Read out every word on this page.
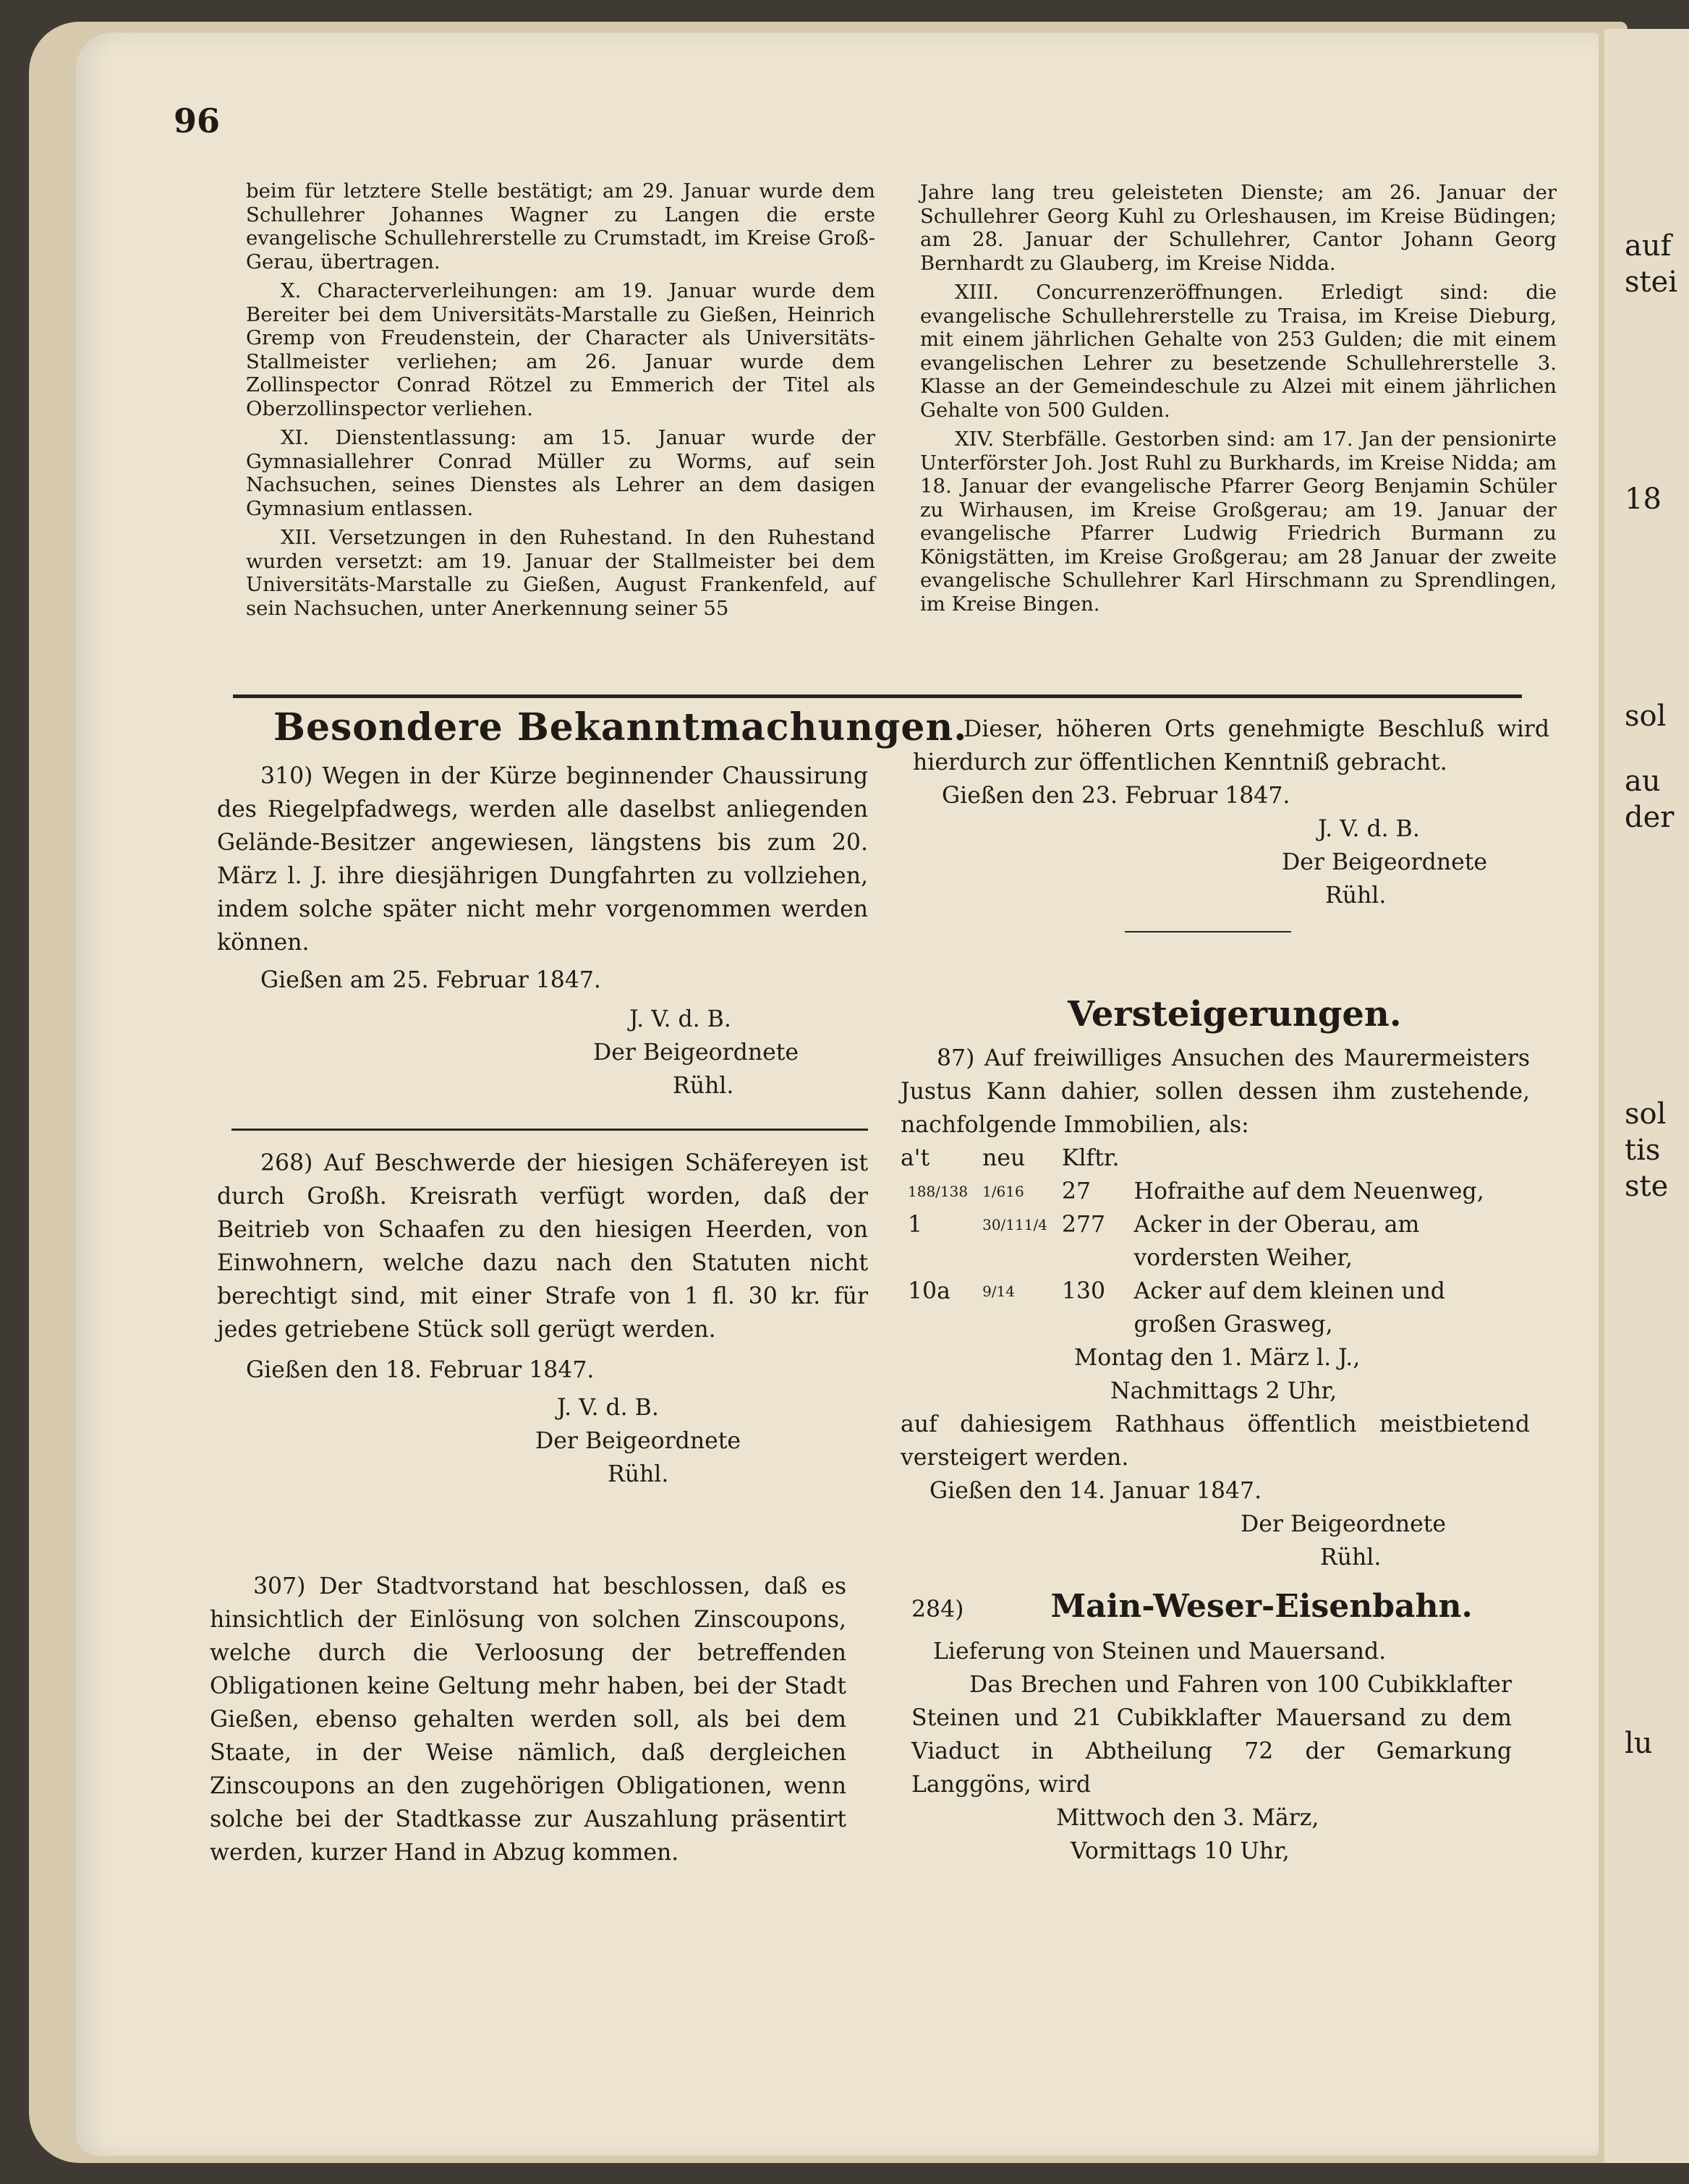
auf
stei
18
sol
au
der
sol
tis
ste
lu
96

beim für letztere Stelle bestätigt; am 29. Januar wurde dem Schullehrer Johannes Wagner zu Langen die erste evangelische Schullehrerstelle zu Crumstadt, im Kreise Groß-Gerau, übertragen.

X. Characterverleihungen: am 19. Januar wurde dem Bereiter bei dem Universitäts-Marstalle zu Gießen, Heinrich Gremp von Freudenstein, der Character als Universitäts-Stallmeister verliehen; am 26. Januar wurde dem Zollinspector Conrad Rötzel zu Emmerich der Titel als Oberzollinspector verliehen.

XI. Dienstentlassung: am 15. Januar wurde der Gymnasiallehrer Conrad Müller zu Worms, auf sein Nachsuchen, seines Dienstes als Lehrer an dem dasigen Gymnasium entlassen.

XII. Versetzungen in den Ruhestand. In den Ruhestand wurden versetzt: am 19. Januar der Stallmeister bei dem Universitäts-Marstalle zu Gießen, August Frankenfeld, auf sein Nachsuchen, unter Anerkennung seiner 55

Jahre lang treu geleisteten Dienste; am 26. Januar der Schullehrer Georg Kuhl zu Orleshausen, im Kreise Büdingen; am 28. Januar der Schullehrer, Cantor Johann Georg Bernhardt zu Glauberg, im Kreise Nidda.

XIII. Concurrenzeröffnungen. Erledigt sind: die evangelische Schullehrerstelle zu Traisa, im Kreise Dieburg, mit einem jährlichen Gehalte von 253 Gulden; die mit einem evangelischen Lehrer zu besetzende Schullehrerstelle 3. Klasse an der Gemeindeschule zu Alzei mit einem jährlichen Gehalte von 500 Gulden.

XIV. Sterbfälle. Gestorben sind: am 17. Jan der pensionirte Unterförster Joh. Jost Ruhl zu Burkhards, im Kreise Nidda; am 18. Januar der evangelische Pfarrer Georg Benjamin Schüler zu Wirhausen, im Kreise Großgerau; am 19. Januar der evangelische Pfarrer Ludwig Friedrich Burmann zu Königstätten, im Kreise Großgerau; am 28 Januar der zweite evangelische Schullehrer Karl Hirschmann zu Sprendlingen, im Kreise Bingen.

Besondere Bekanntmachungen.

310) Wegen in der Kürze beginnender Chaussirung des Riegelpfadwegs, werden alle daselbst anliegenden Gelände-Besitzer angewiesen, längstens bis zum 20. März l. J. ihre diesjährigen Dungfahrten zu vollziehen, indem solche später nicht mehr vorgenommen werden können.

Gießen am 25. Februar 1847.

J. V. d. B.

Der Beigeordnete

Rühl.

268) Auf Beschwerde der hiesigen Schäfereyen ist durch Großh. Kreisrath verfügt worden, daß der Beitrieb von Schaafen zu den hiesigen Heerden, von Einwohnern, welche dazu nach den Statuten nicht berechtigt sind, mit einer Strafe von 1 fl. 30 kr. für jedes getriebene Stück soll gerügt werden.

Gießen den 18. Februar 1847.

J. V. d. B.

Der Beigeordnete

Rühl.

307) Der Stadtvorstand hat beschlossen, daß es hinsichtlich der Einlösung von solchen Zinscoupons, welche durch die Verloosung der betreffenden Obligationen keine Geltung mehr haben, bei der Stadt Gießen, ebenso gehalten werden soll, als bei dem Staate, in der Weise nämlich, daß dergleichen Zinscoupons an den zugehörigen Obligationen, wenn solche bei der Stadtkasse zur Auszahlung präsentirt werden, kurzer Hand in Abzug kommen.

Dieser, höheren Orts genehmigte Beschluß wird hierdurch zur öffentlichen Kenntniß gebracht.

Gießen den 23. Februar 1847.

J. V. d. B.

Der Beigeordnete

Rühl.

Versteigerungen.

87) Auf freiwilliges Ansuchen des Maurermeisters Justus Kann dahier, sollen dessen ihm zustehende, nachfolgende Immobilien, als:

a't	neu	Klftr.	
188/138	1/616	27	Hofraithe auf dem Neuenweg,
1	30/111/4	277	Acker in der Oberau, am vordersten Weiher,
10a	9/14	130	Acker auf dem kleinen und großen Grasweg,

Montag den 1. März l. J.,

Nachmittags 2 Uhr,

auf dahiesigem Rathhaus öffentlich meistbietend versteigert werden.

Gießen den 14. Januar 1847.

Der Beigeordnete

Rühl.

284)	Main-Weser-Eisenbahn.
Lieferung von Steinen und Mauersand.
Das Brechen und Fahren von 100 Cubikklafter Steinen und 21 Cubikklafter Mauersand zu dem Viaduct in Abtheilung 72 der Gemarkung Langgöns, wird
Mittwoch den 3. März,
Vormittags 10 Uhr,
